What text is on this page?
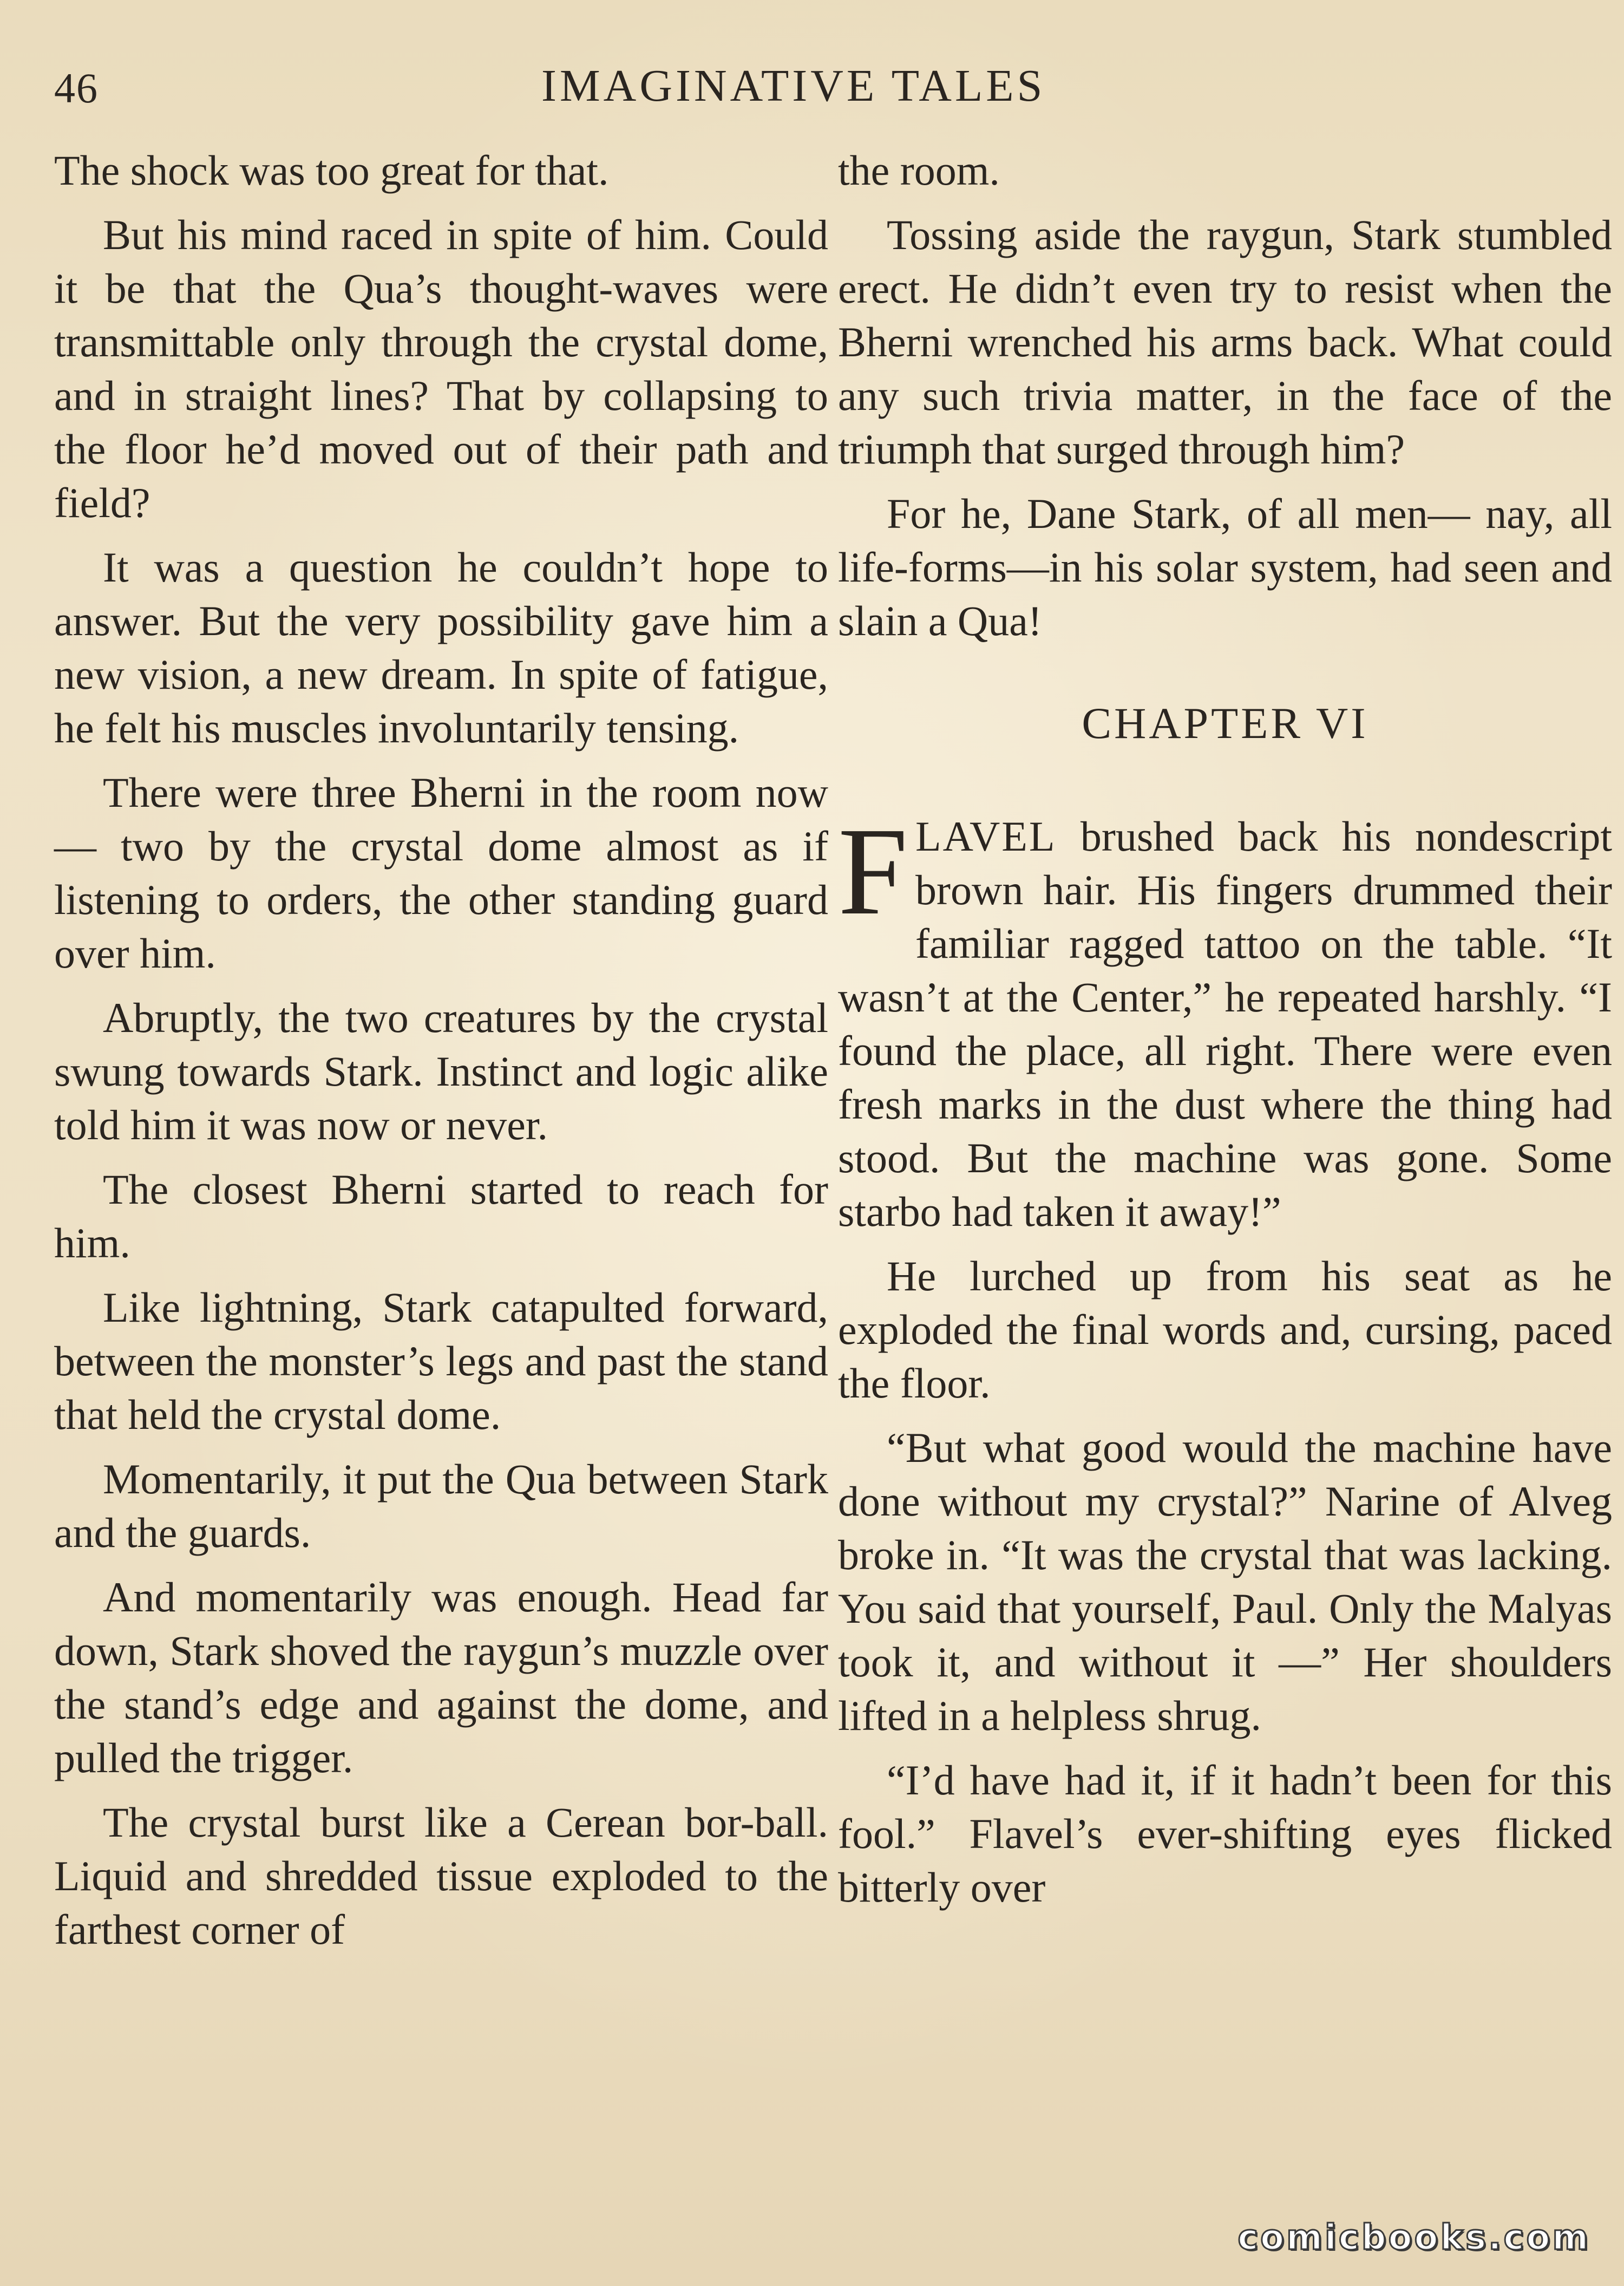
46	IMAGINATIVE TALES

The shock was too great for that.

But his mind raced in spite of him. Could it be that the Qua’s thought-waves were transmittable only through the crystal dome, and in straight lines? That by collapsing to the floor he’d moved out of their path and field?

It was a question he couldn’t hope to answer. But the very possibility gave him a new vision, a new dream. In spite of fatigue, he felt his muscles involuntarily tensing.

There were three Bherni in the room now — two by the crystal dome almost as if listening to orders, the other standing guard over him.

Abruptly, the two creatures by the crystal swung towards Stark. Instinct and logic alike told him it was now or never.

The closest Bherni started to reach for him.

Like lightning, Stark catapulted forward, between the monster’s legs and past the stand that held the crystal dome.

Momentarily, it put the Qua between Stark and the guards.

And momentarily was enough. Head far down, Stark shoved the raygun’s muzzle over the stand’s edge and against the dome, and pulled the trigger.

The crystal burst like a Cerean bor-ball. Liquid and shredded tissue exploded to the farthest corner of

the room.

Tossing aside the raygun, Stark stumbled erect. He didn’t even try to resist when the Bherni wrenched his arms back. What could any such trivia matter, in the face of the triumph that surged through him?

For he, Dane Stark, of all men— nay, all life-forms—in his solar system, had seen and slain a Qua!

CHAPTER VI

FLAVEL brushed back his nondescript brown hair. His fingers drummed their familiar ragged tattoo on the table. “It wasn’t at the Center,” he repeated harshly. “I found the place, all right. There were even fresh marks in the dust where the thing had stood. But the machine was gone. Some starbo had taken it away!”

He lurched up from his seat as he exploded the final words and, cursing, paced the floor.

“But what good would the machine have done without my crystal?” Narine of Alveg broke in. “It was the crystal that was lacking. You said that yourself, Paul. Only the Malyas took it, and without it —” Her shoulders lifted in a helpless shrug.

“I’d have had it, if it hadn’t been for this fool.” Flavel’s ever-shifting eyes flicked bitterly over

comicbooks.com
